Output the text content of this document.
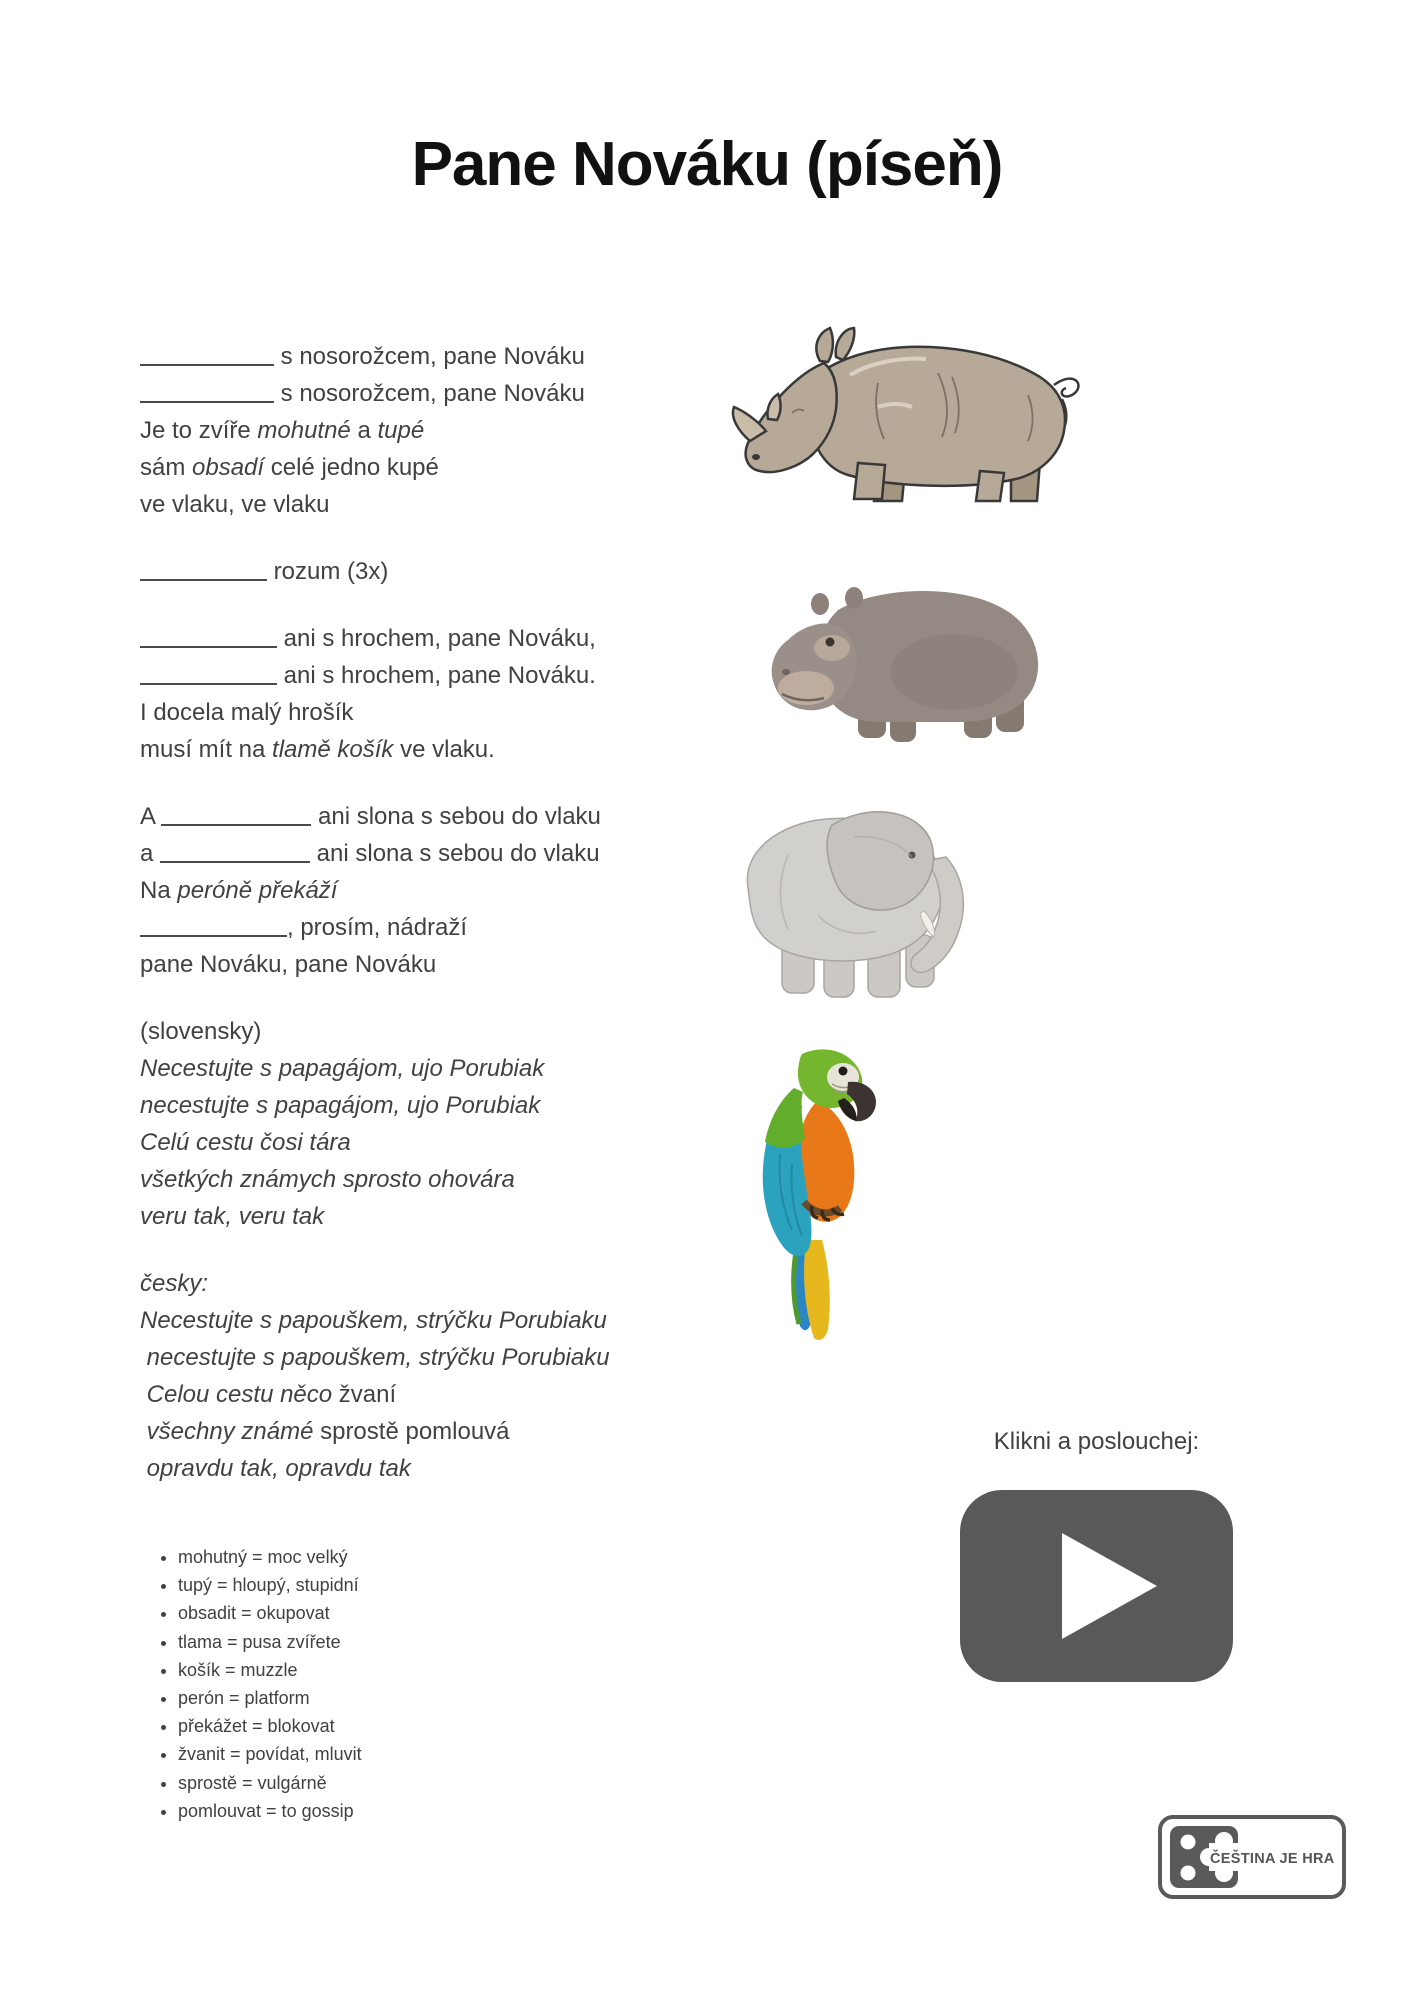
Pane Nováku (píseň)
s nosorožcem, pane Nováku
s nosorožcem, pane Nováku
Je to zvíře mohutné a tupé
sám obsadí celé jedno kupé
ve vlaku, ve vlaku
rozum (3x)
ani s hrochem, pane Nováku,
ani s hrochem, pane Nováku.
I docela malý hrošík
musí mít na tlamě košík ve vlaku.
A	ani slona s sebou do vlaku
a	ani slona s sebou do vlaku
Na peróně překáží
, prosím, nádraží
pane Nováku, pane Nováku
(slovensky)
Necestujte s papagájom, ujo Porubiak
necestujte s papagájom, ujo Porubiak
Celú cestu čosi tára
všetkých známych sprosto ohovára
veru tak, veru tak
česky:
Necestujte s papouškem, strýčku Porubiaku
necestujte s papouškem, strýčku Porubiaku
Celou cestu něco žvaní
všechny známé sprostě pomlouvá
opravdu tak, opravdu tak
Klikni a poslouchej:
• mohutný = moc velký
• tupý = hloupý, stupidní
• obsadit = okupovat
• tlama = pusa zvířete
• košík = muzzle
• perón = platform
• překážet = blokovat
• žvanit = povídat, mluvit
• sprostě = vulgárně
• pomlouvat = to gossip
ČEŠTINA JE HRA
